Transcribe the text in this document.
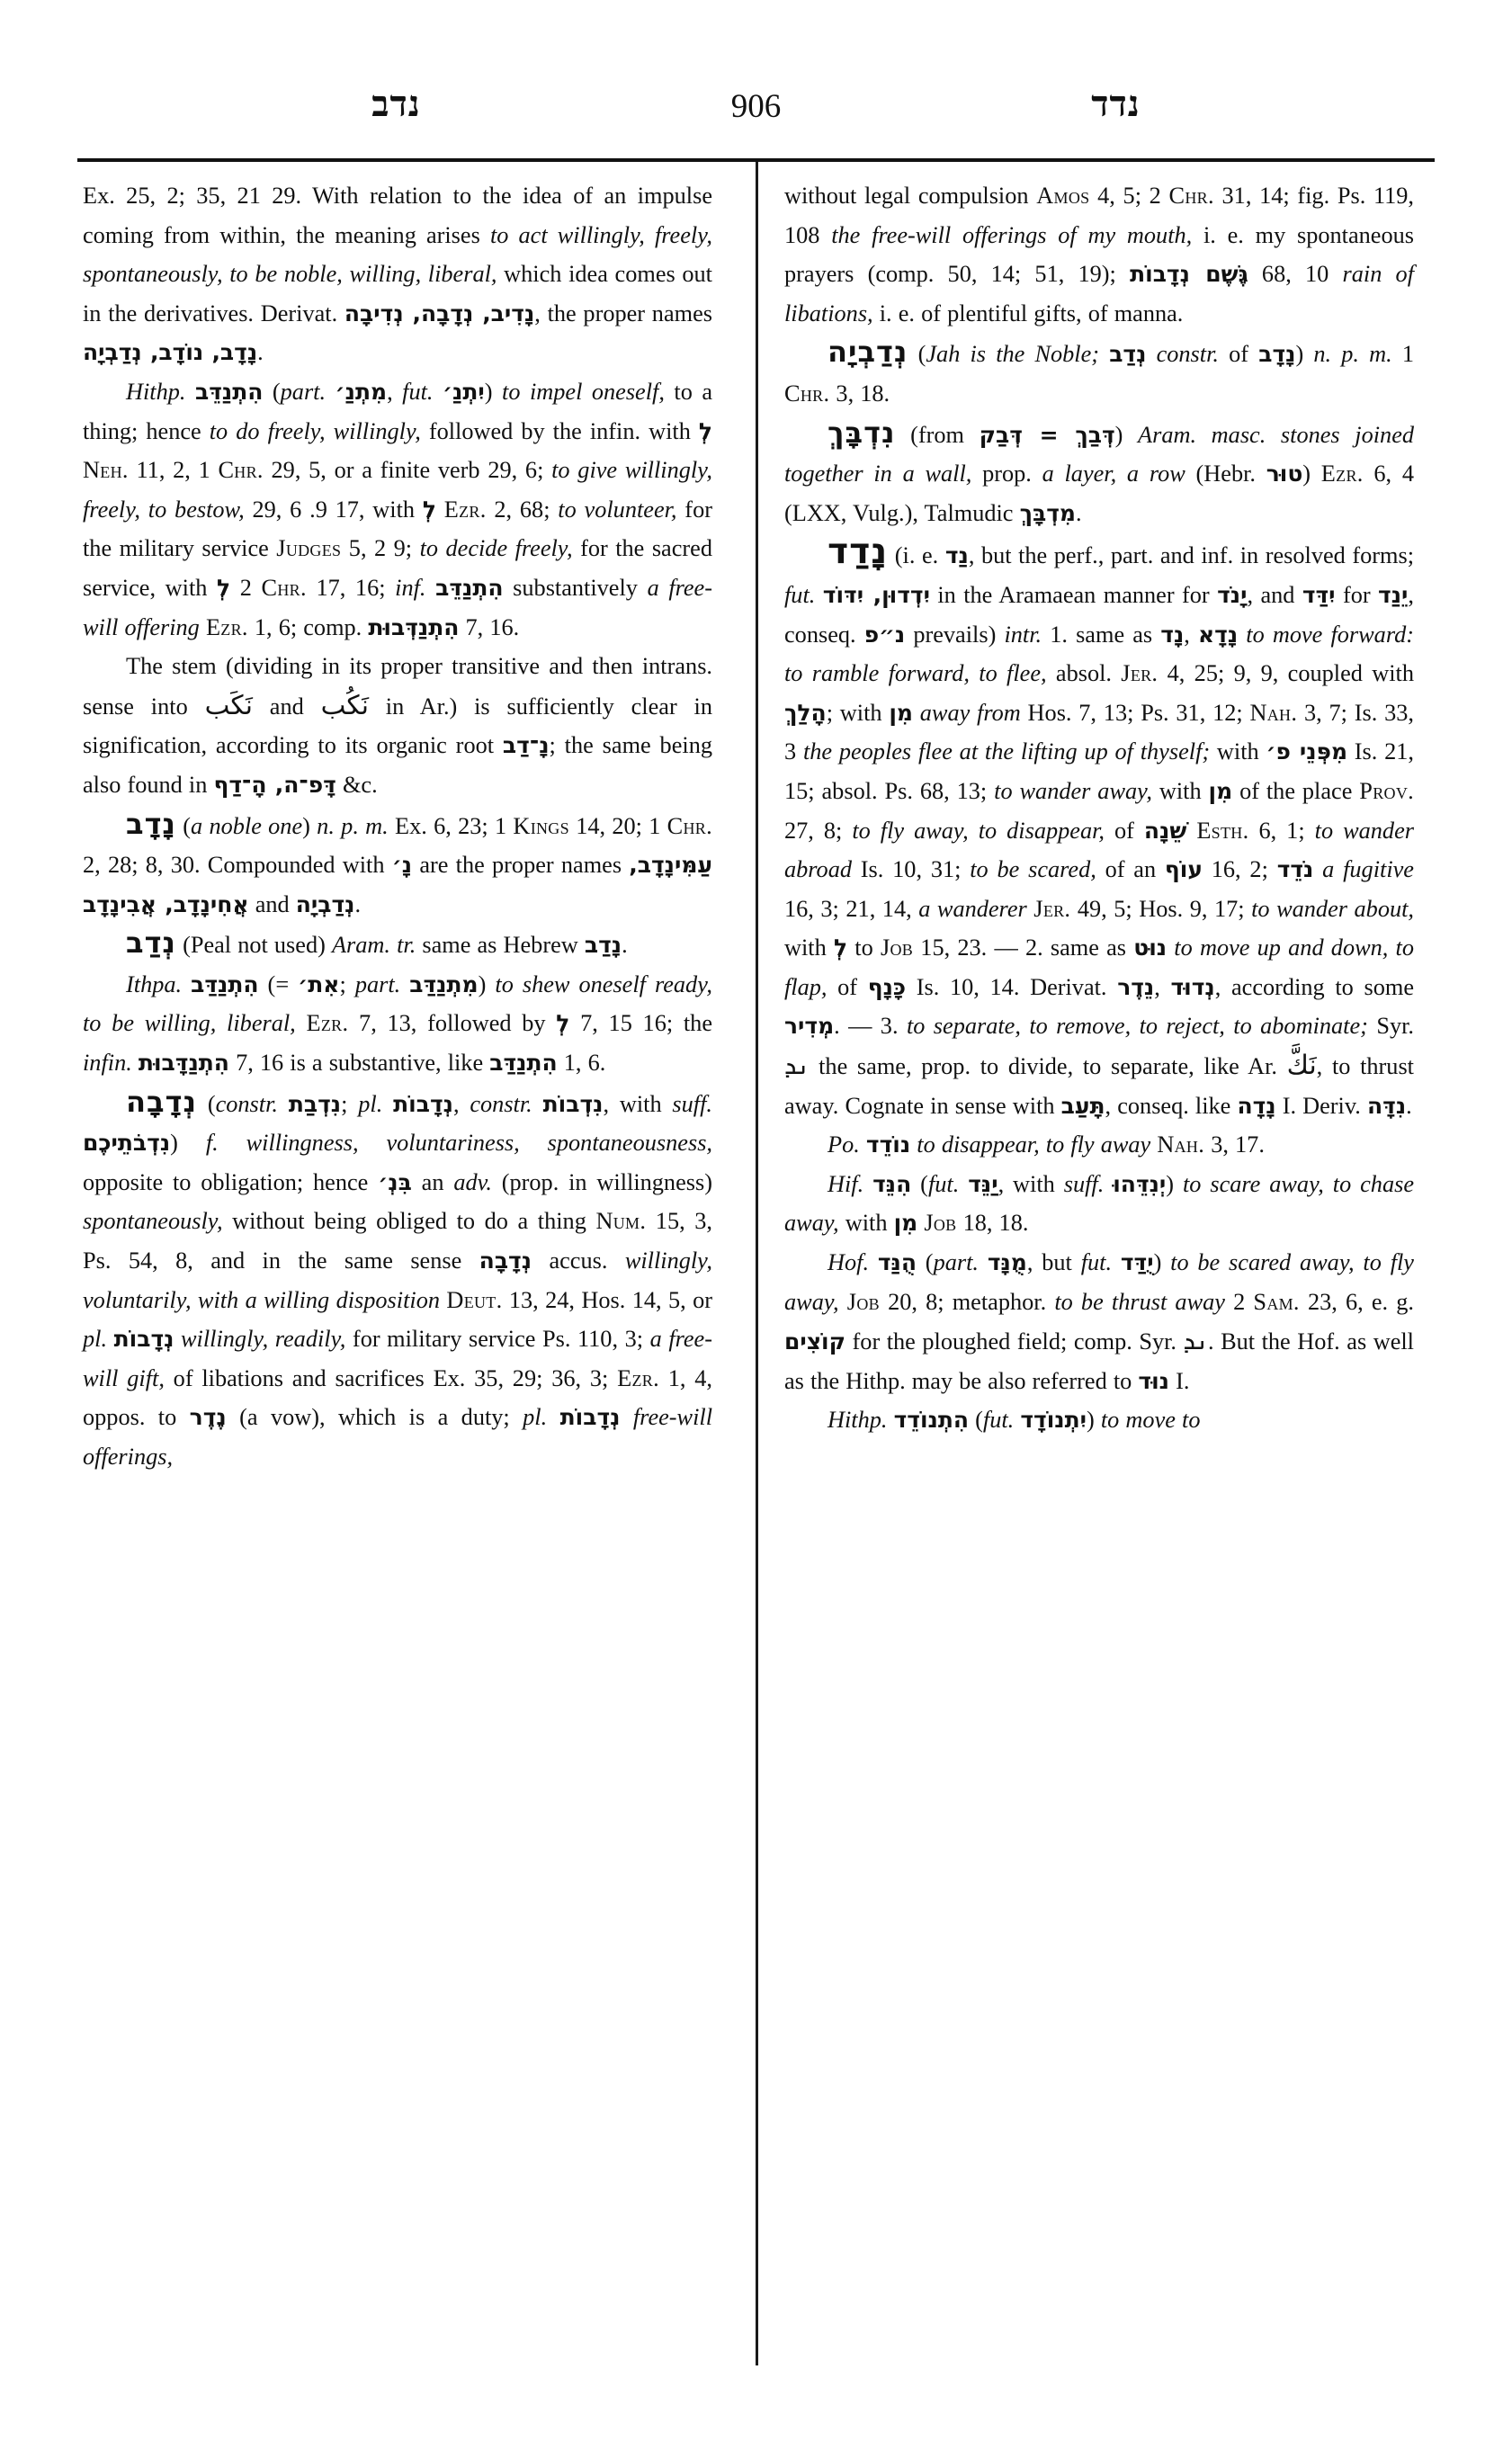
נדב	906	נדד

Ex. 25, 2; 35, 21 29. With relation to the idea of an impulse coming from within, the meaning arises to act willingly, freely, spontaneously, to be noble, willing, liberal, which idea comes out in the derivatives. Derivat. נָדִיב, נְדָבָה, נְדִיבָה, the proper names נָדָב, נוֹדָב, נְדַבְיָה.

Hithp. הִתְנַדֵּב (part. מִתְנַ׳, fut. יִתְנַ׳) to impel oneself, to a thing; hence to do freely, willingly, followed by the infin. with לְ Neh. 11, 2, 1 Chr. 29, 5, or a finite verb 29, 6; to give willingly, freely, to bestow, 29, 6 .9 17, with לְ Ezr. 2, 68; to volunteer, for the military service Judges 5, 2 9; to decide freely, for the sacred service, with לְ 2 Chr. 17, 16; inf. הִתְנַדֵּב substantively a free-will offering Ezr. 1, 6; comp. הִתְנַדְּבוּת 7, 16.

The stem (dividing in its proper transitive and then intrans. sense into نَكَب and نَكُب in Ar.) is sufficiently clear in signification, according to its organic root נָ־דַב; the same being also found in דָּפ־ה, הָ־דַף &c.

נָדָב (a noble one) n. p. m. Ex. 6, 23; 1 Kings 14, 20; 1 Chr. 2, 28; 8, 30. Compounded with נָ׳ are the proper names עַמִּינָדָב, אֲחִינָדָב, אֲבִינָדָב and נְדַבְיָה.

נְדַב (Peal not used) Aram. tr. same as Hebrew נָדַב.

Ithpa. הִתְנַדַּב (= אִת׳; part. מִתְנַדַּב) to shew oneself ready, to be willing, liberal, Ezr. 7, 13, followed by לְ 7, 15 16; the infin. הִתְנַדָּבוּת 7, 16 is a substantive, like הִתְנַדַּב 1, 6.

נְדָבָה (constr. נִדְבַת; pl. נְדָבוֹת, constr. נִדְבוֹת, with suff. נִדְבֹתֵיכֶם) f. willingness, voluntariness, spontaneousness, opposite to obligation; hence בִּנְ׳ an adv. (prop. in willingness) spontaneously, without being obliged to do a thing Num. 15, 3, Ps. 54, 8, and in the same sense נְדָבָה accus. willingly, voluntarily, with a willing disposition Deut. 13, 24, Hos. 14, 5, or pl. נְדָבוֹת willingly, readily, for military service Ps. 110, 3; a free-will gift, of libations and sacrifices Ex. 35, 29; 36, 3; Ezr. 1, 4, oppos. to נֶדֶר (a vow), which is a duty; pl. נְדָבוֹת free-will offerings,

without legal compulsion Amos 4, 5; 2 Chr. 31, 14; fig. Ps. 119, 108 the free-will offerings of my mouth, i. e. my spontaneous prayers (comp. 50, 14; 51, 19); גֶּשֶׁם נְדָבוֹת 68, 10 rain of libations, i. e. of plentiful gifts, of manna.

נְדַבְיָה (Jah is the Noble; נְדַב constr. of נָדָב) n. p. m. 1 Chr. 3, 18.

נִדְבָּךְ (from דְּבַךְ = דְּבַק) Aram. masc. stones joined together in a wall, prop. a layer, a row (Hebr. טוּר) Ezr. 6, 4 (LXX, Vulg.), Talmudic מִדְבָּךְ.

נָדַד (i. e. נַד, but the perf., part. and inf. in resolved forms; fut. יִדְדוּן, יִדּוֹד in the Aramaean manner for יָנֹד, and יִדַּד for יֵנַד, conseq. נ״פ prevails) intr. 1. same as נָד, נָדָא to move forward: to ramble forward, to flee, absol. Jer. 4, 25; 9, 9, coupled with הָלַךְ; with מִן away from Hos. 7, 13; Ps. 31, 12; Nah. 3, 7; Is. 33, 3 the peoples flee at the lifting up of thyself; with מִפְּנֵי פ׳ Is. 21, 15; absol. Ps. 68, 13; to wander away, with מִן of the place Prov. 27, 8; to fly away, to disappear, of שֵׁנָה Esth. 6, 1; to wander abroad Is. 10, 31; to be scared, of an עוֹף 16, 2; נֹדֵד a fugitive 16, 3; 21, 14, a wanderer Jer. 49, 5; Hos. 9, 17; to wander about, with לְ to Job 15, 23. — 2. same as נוּט to move up and down, to flap, of כָּנָף Is. 10, 14. Derivat. נֵדֶר, נְדוּד, according to some מְדִיר. — 3. to separate, to remove, to reject, to abominate; Syr. ܢܕ the same, prop. to divide, to separate, like Ar. نَكَّ, to thrust away. Cognate in sense with תָּעַב, conseq. like נָדָה I. Deriv. נִדָּה.

Po. נוֹדֵד to disappear, to fly away Nah. 3, 17.

Hif. הִנֵּד (fut. יַנֵּד, with suff. יְנִדֵּהוּ) to scare away, to chase away, with מִן Job 18, 18.

Hof. הֻנַּד (part. מֻנָּד, but fut. יֻדַּד) to be scared away, to fly away, Job 20, 8; metaphor. to be thrust away 2 Sam. 23, 6, e. g. קוֹצִים for the ploughed field; comp. Syr. ܢܕ. But the Hof. as well as the Hithp. may be also referred to נוּד I.

Hithp. הִתְנוֹדֵד (fut. יִתְנוֹדָד) to move to
